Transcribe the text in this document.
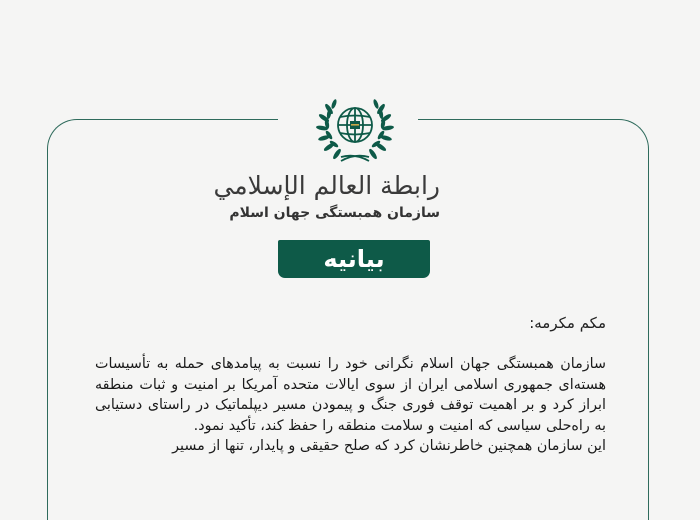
رابطة العالم الإسلامي
سازمان همبستگی جهان اسلام
بیانیه
مکم مکرمه:

سازمان همبستگی جهان اسلام نگرانی خود را نسبت به پیامدهای حمله به تأسیسات هسته‌ای جمهوری اسلامی ایران از سوی ایالات متحده آمریکا بر امنیت و ثبات منطقه ابراز کرد و بر اهمیت توقف فوری جنگ و پیمودن مسیر دیپلماتیک در راستای دستیابی به راه‌حلی سیاسی که امنیت و سلامت منطقه را حفظ کند، تأکید نمود.

این سازمان همچنین خاطرنشان کرد که صلح حقیقی و پایدار، تنها از مسیر
